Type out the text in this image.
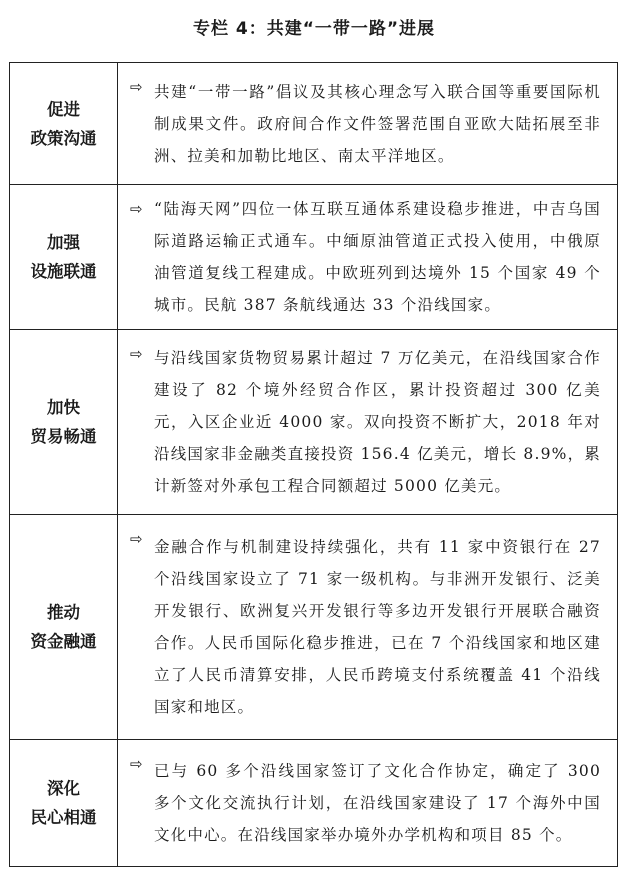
专栏 4：共建“一带一路”进展
促进
政策沟通	⇨ 共建“一带一路”倡议及其核心理念写入联合国等重要国际机制成果文件。政府间合作文件签署范围自亚欧大陆拓展至非洲、拉美和加勒比地区、南太平洋地区。

加强
设施联通	⇨ “陆海天网”四位一体互联互通体系建设稳步推进，中吉乌国际道路运输正式通车。中缅原油管道正式投入使用，中俄原油管道复线工程建成。中欧班列到达境外 15 个国家 49 个城市。民航 387 条航线通达 33 个沿线国家。

加快
贸易畅通	⇨ 与沿线国家货物贸易累计超过 7 万亿美元，在沿线国家合作建设了 82 个境外经贸合作区，累计投资超过 300 亿美元，入区企业近 4000 家。双向投资不断扩大，2018 年对沿线国家非金融类直接投资 156.4 亿美元，增长 8.9%，累计新签对外承包工程合同额超过 5000 亿美元。

推动
资金融通	⇨ 金融合作与机制建设持续强化，共有 11 家中资银行在 27 个沿线国家设立了 71 家一级机构。与非洲开发银行、泛美开发银行、欧洲复兴开发银行等多边开发银行开展联合融资合作。人民币国际化稳步推进，已在 7 个沿线国家和地区建立了人民币清算安排，人民币跨境支付系统覆盖 41 个沿线国家和地区。

深化
民心相通	⇨ 已与 60 多个沿线国家签订了文化合作协定，确定了 300 多个文化交流执行计划，在沿线国家建设了 17 个海外中国文化中心。在沿线国家举办境外办学机构和项目 85 个。
